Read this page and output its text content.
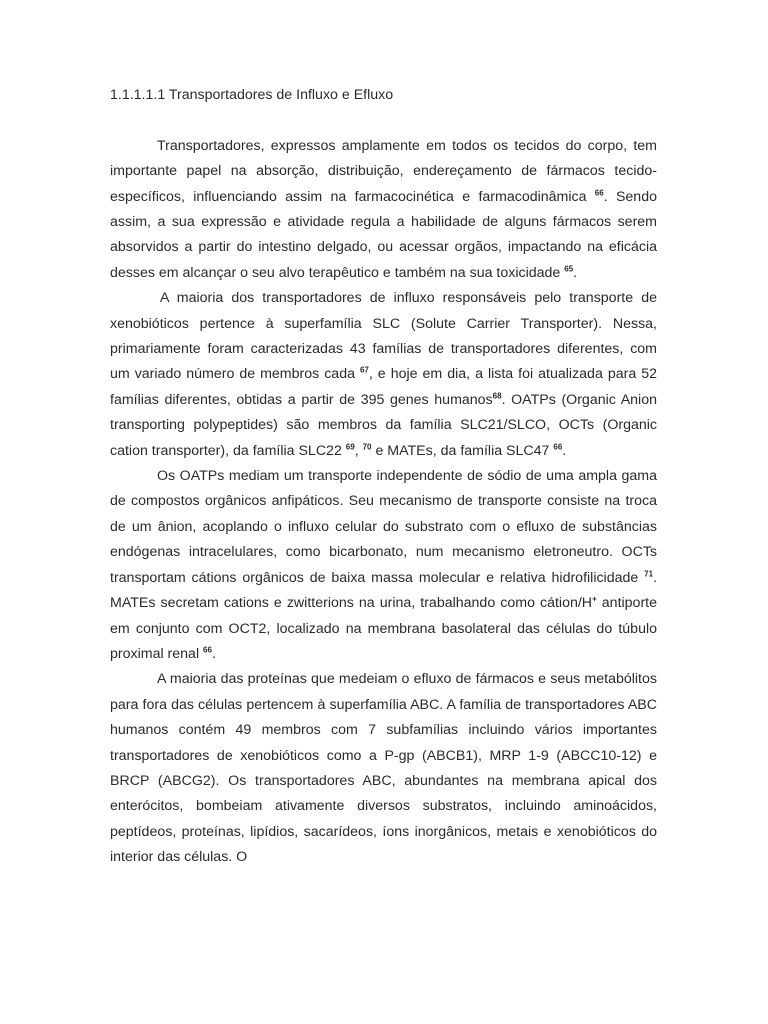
1.1.1.1.1 Transportadores de Influxo e Efluxo

Transportadores, expressos amplamente em todos os tecidos do corpo, tem importante papel na absorção, distribuição, endereçamento de fármacos tecido-específicos, influenciando assim na farmacocinética e farmacodinâmica $^{66}$. Sendo assim, a sua expressão e atividade regula a habilidade de alguns fármacos serem absorvidos a partir do intestino delgado, ou acessar orgãos, impactando na eficácia desses em alcançar o seu alvo terapêutico e também na sua toxicidade $^{65}$.

A maioria dos transportadores de influxo responsáveis pelo transporte de xenobióticos pertence à superfamília SLC (Solute Carrier Transporter). Nessa, primariamente foram caracterizadas 43 famílias de transportadores diferentes, com um variado número de membros cada $^{67}$, e hoje em dia, a lista foi atualizada para 52 famílias diferentes, obtidas a partir de 395 genes humanos$^{68}$. OATPs (Organic Anion transporting polypeptides) são membros da família SLC21/SLCO, OCTs (Organic cation transporter), da família SLC22 $^{69}$, $^{70}$ e MATEs, da família SLC47 $^{66}$.

Os OATPs mediam um transporte independente de sódio de uma ampla gama de compostos orgânicos anfipáticos. Seu mecanismo de transporte consiste na troca de um ânion, acoplando o influxo celular do substrato com o efluxo de substâncias endógenas intracelulares, como bicarbonato, num mecanismo eletroneutro. OCTs transportam cátions orgânicos de baixa massa molecular e relativa hidrofilicidade $^{71}$. MATEs secretam cations e zwitterions na urina, trabalhando como cátion/H+ antiporte em conjunto com OCT2, localizado na membrana basolateral das células do túbulo proximal renal $^{66}$.

A maioria das proteínas que medeiam o efluxo de fármacos e seus metabólitos para fora das células pertencem à superfamília ABC. A família de transportadores ABC humanos contém 49 membros com 7 subfamílias incluindo vários importantes transportadores de xenobióticos como a P-gp (ABCB1), MRP 1-9 (ABCC10-12) e BRCP (ABCG2). Os transportadores ABC, abundantes na membrana apical dos enterócitos, bombeiam ativamente diversos substratos, incluindo aminoácidos, peptídeos, proteínas, lipídios, sacarídeos, íons inorgânicos, metais e xenobióticos do interior das células. O
